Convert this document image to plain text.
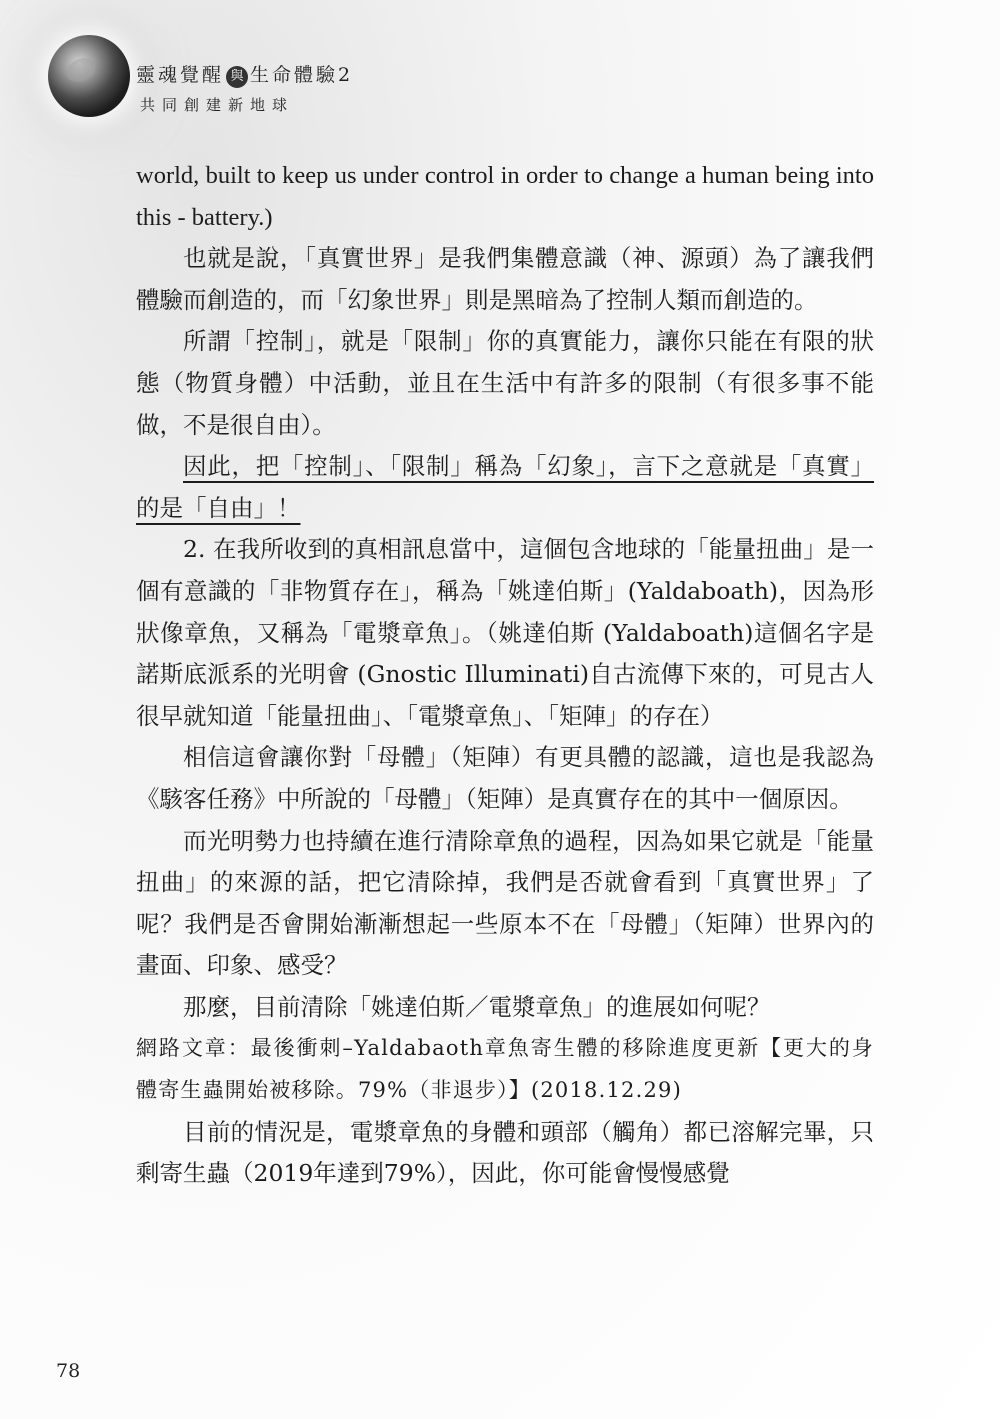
靈魂覺醒 與 生命體驗2
共同創建新地球

world, built to keep us under control in order to change a human being into this - battery.)

也就是說，「真實世界」是我們集體意識（神、源頭）為了讓我們體驗而創造的，而「幻象世界」則是黑暗為了控制人類而創造的。

所謂「控制」，就是「限制」你的真實能力，讓你只能在有限的狀態（物質身體）中活動，並且在生活中有許多的限制（有很多事不能做，不是很自由）。

因此，把「控制」、「限制」稱為「幻象」，言下之意就是「真實」的是「自由」！

2. 在我所收到的真相訊息當中，這個包含地球的「能量扭曲」是一個有意識的「非物質存在」，稱為「姚達伯斯」(Yaldaboath)，因為形狀像章魚，又稱為「電漿章魚」。（姚達伯斯 (Yaldaboath)這個名字是諾斯底派系的光明會 (Gnostic Illuminati)自古流傳下來的，可見古人很早就知道「能量扭曲」、「電漿章魚」、「矩陣」的存在）

相信這會讓你對「母體」（矩陣）有更具體的認識，這也是我認為《駭客任務》中所說的「母體」（矩陣）是真實存在的其中一個原因。

而光明勢力也持續在進行清除章魚的過程，因為如果它就是「能量扭曲」的來源的話，把它清除掉，我們是否就會看到「真實世界」了呢？我們是否會開始漸漸想起一些原本不在「母體」（矩陣）世界內的畫面、印象、感受？

那麼，目前清除「姚達伯斯／電漿章魚」的進展如何呢？

網路文章：最後衝刺–Yaldabaoth章魚寄生體的移除進度更新【更大的身體寄生蟲開始被移除。79%（非退步）】(2018.12.29)

目前的情況是，電漿章魚的身體和頭部（觸角）都已溶解完畢，只剩寄生蟲（2019年達到79%），因此，你可能會慢慢感覺

78
